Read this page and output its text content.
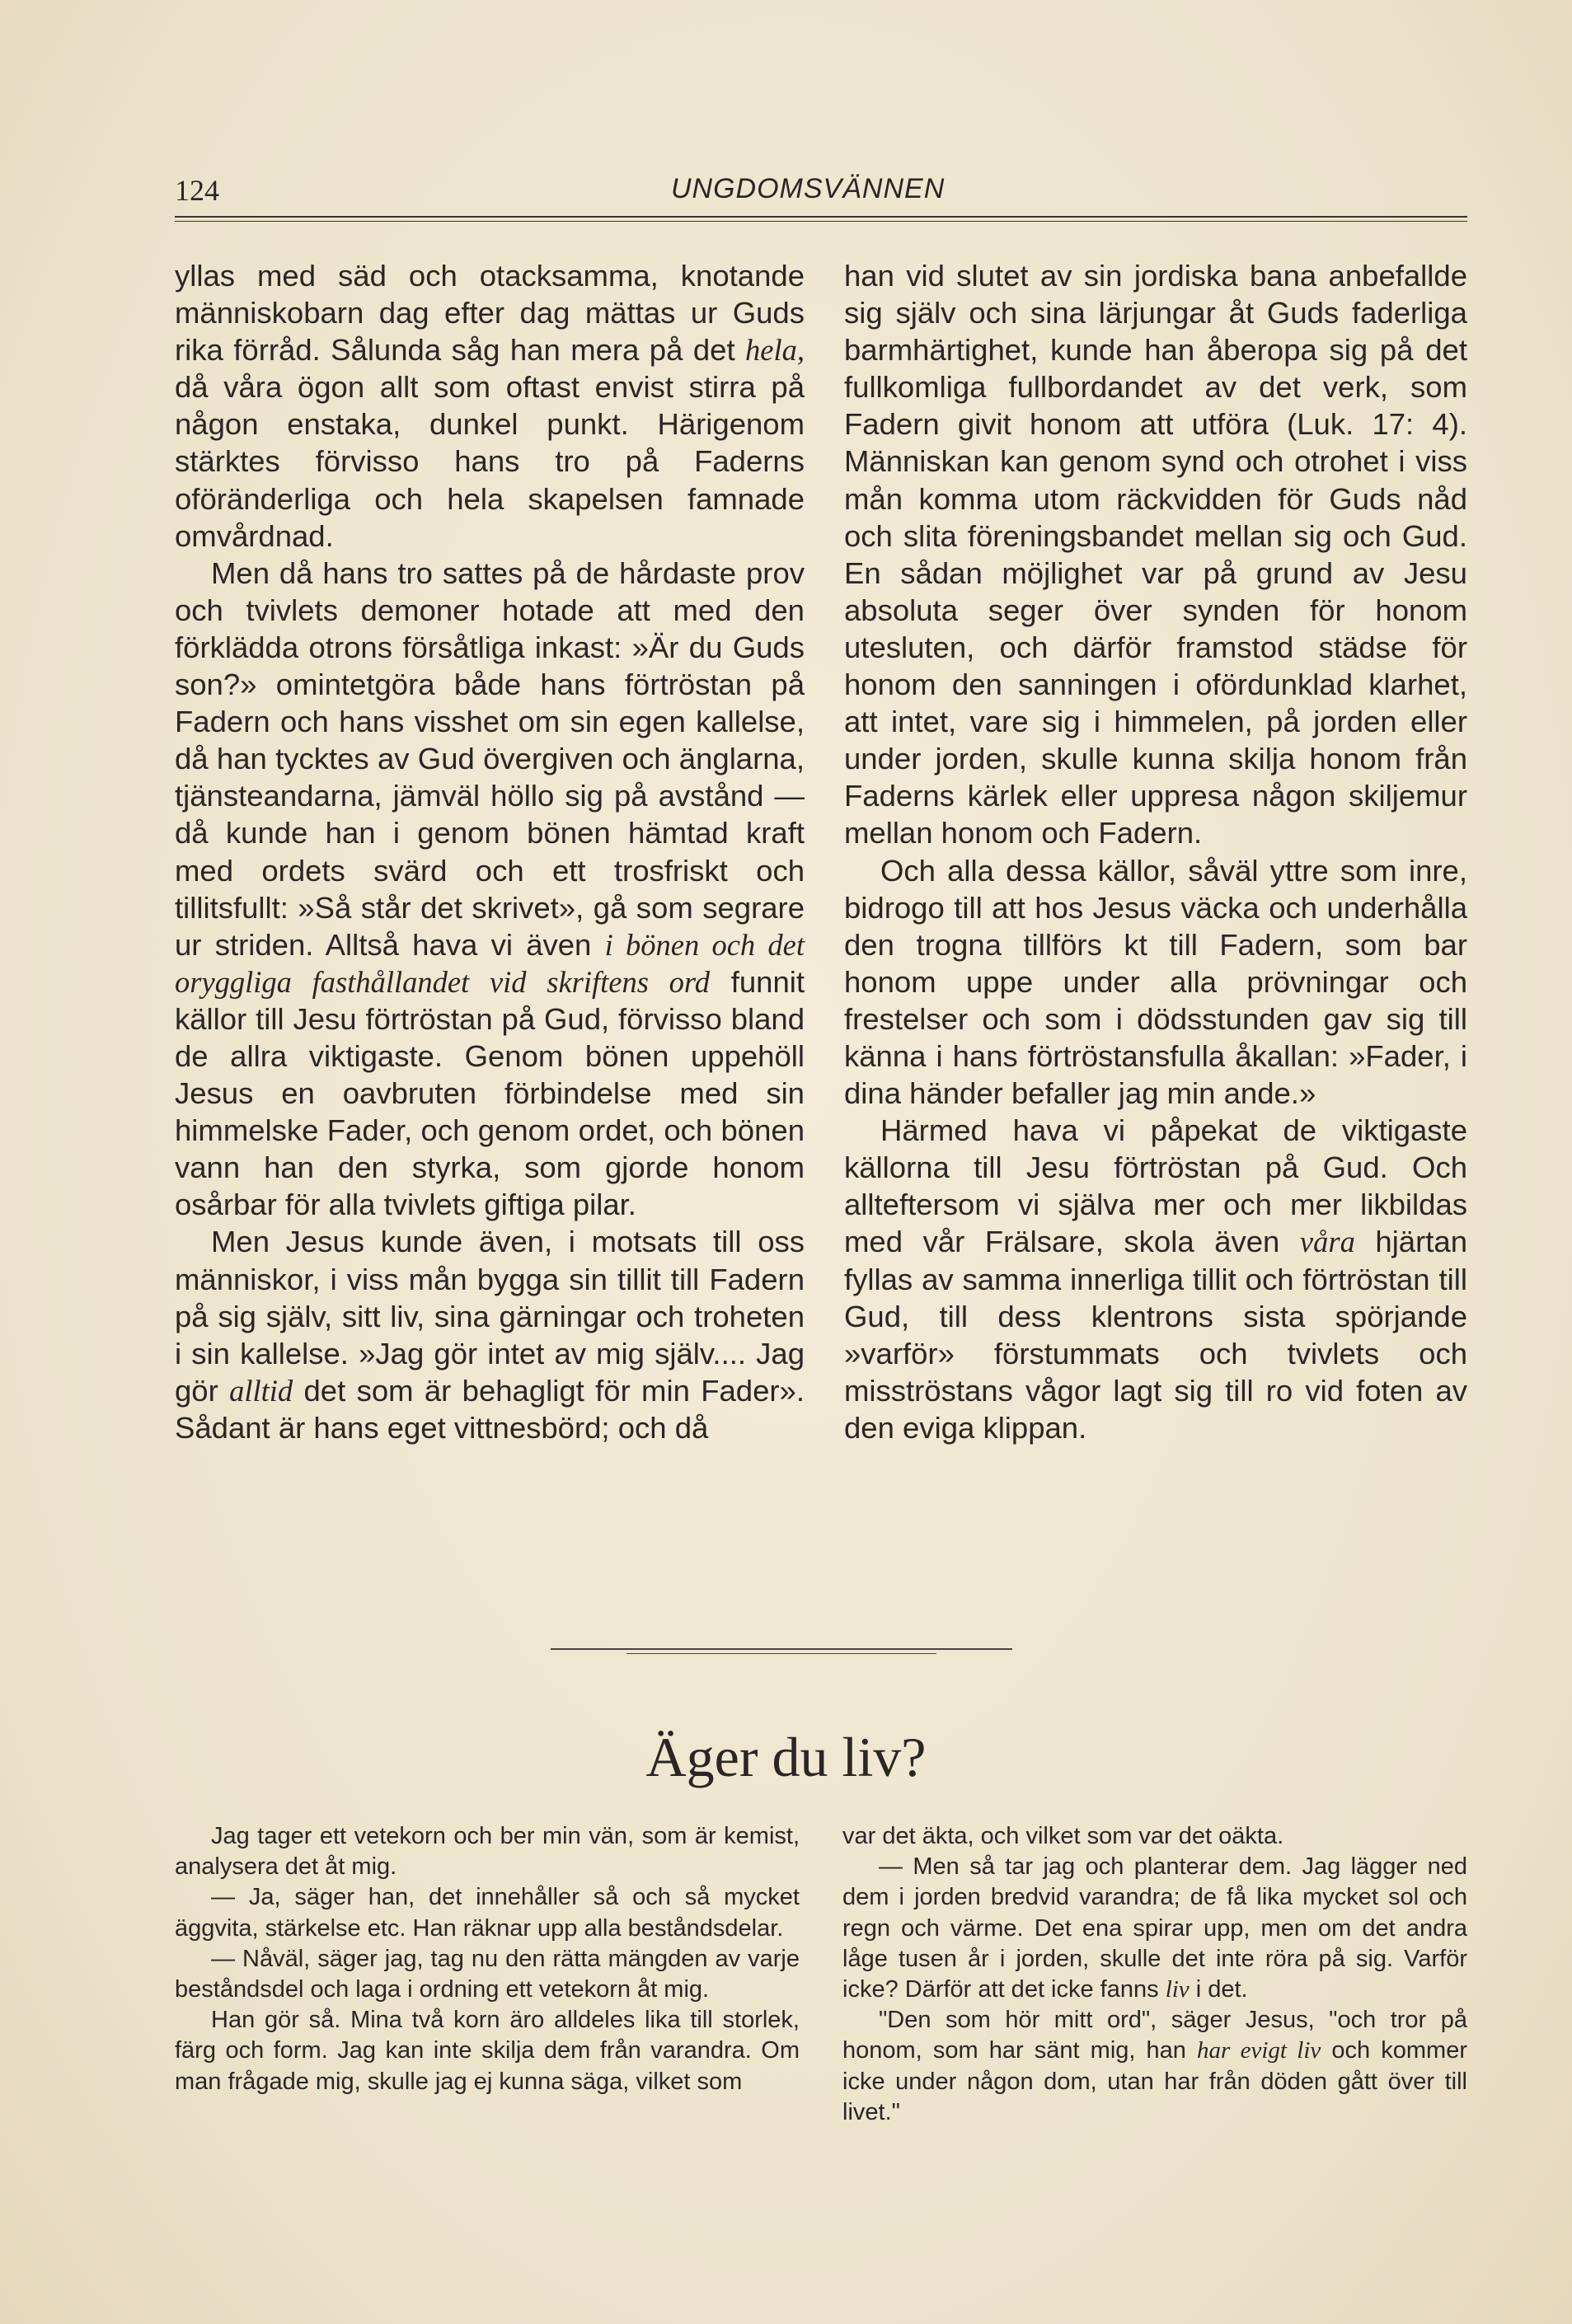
124	UNGDOMSVÄNNEN

yllas med säd och otacksamma, knotande människobarn dag efter dag mättas ur Guds rika förråd. Sålunda såg han mera på det hela, då våra ögon allt som oftast envist stirra på någon enstaka, dunkel punkt. Härigenom stärktes förvisso hans tro på Faderns oföränderliga och hela skapelsen famnade omvårdnad.

Men då hans tro sattes på de hårdaste prov och tvivlets demoner hotade att med den förklädda otrons försåtliga inkast: »Är du Guds son?» omintetgöra både hans förtröstan på Fadern och hans visshet om sin egen kallelse, då han tycktes av Gud övergiven och änglarna, tjänsteandarna, jämväl höllo sig på avstånd — då kunde han i genom bönen hämtad kraft med ordets svärd och ett trosfriskt och tillitsfullt: »Så står det skrivet», gå som segrare ur striden. Alltså hava vi även i bönen och det oryggliga fasthållandet vid skriftens ord funnit källor till Jesu förtröstan på Gud, förvisso bland de allra viktigaste. Genom bönen uppehöll Jesus en oavbruten förbindelse med sin himmelske Fader, och genom ordet, och bönen vann han den styrka, som gjorde honom osårbar för alla tvivlets giftiga pilar.

Men Jesus kunde även, i motsats till oss människor, i viss mån bygga sin tillit till Fadern på sig själv, sitt liv, sina gärningar och troheten i sin kallelse. »Jag gör intet av mig själv.... Jag gör alltid det som är behagligt för min Fader». Sådant är hans eget vittnesbörd; och då

han vid slutet av sin jordiska bana anbefallde sig själv och sina lärjungar åt Guds faderliga barmhärtighet, kunde han åberopa sig på det fullkomliga fullbordandet av det verk, som Fadern givit honom att utföra (Luk. 17: 4). Människan kan genom synd och otrohet i viss mån komma utom räckvidden för Guds nåd och slita föreningsbandet mellan sig och Gud. En sådan möjlighet var på grund av Jesu absoluta seger över synden för honom utesluten, och därför framstod städse för honom den sanningen i ofördunklad klarhet, att intet, vare sig i himmelen, på jorden eller under jorden, skulle kunna skilja honom från Faderns kärlek eller uppresa någon skiljemur mellan honom och Fadern.

Och alla dessa källor, såväl yttre som inre, bidrogo till att hos Jesus väcka och underhålla den trogna tillförs kt till Fadern, som bar honom uppe under alla prövningar och frestelser och som i dödsstunden gav sig till känna i hans förtröstansfulla åkallan: »Fader, i dina händer befaller jag min ande.»

Härmed hava vi påpekat de viktigaste källorna till Jesu förtröstan på Gud. Och allteftersom vi själva mer och mer likbildas med vår Frälsare, skola även våra hjärtan fyllas av samma innerliga tillit och förtröstan till Gud, till dess klentrons sista spörjande »varför» förstummats och tvivlets och misströstans vågor lagt sig till ro vid foten av den eviga klippan.

Äger du liv?

Jag tager ett vetekorn och ber min vän, som är kemist, analysera det åt mig.

— Ja, säger han, det innehåller så och så mycket äggvita, stärkelse etc. Han räknar upp alla beståndsdelar.

— Nåväl, säger jag, tag nu den rätta mängden av varje beståndsdel och laga i ordning ett vetekorn åt mig.

Han gör så. Mina två korn äro alldeles lika till storlek, färg och form. Jag kan inte skilja dem från varandra. Om man frågade mig, skulle jag ej kunna säga, vilket som

var det äkta, och vilket som var det oäkta.

— Men så tar jag och planterar dem. Jag lägger ned dem i jorden bredvid varandra; de få lika mycket sol och regn och värme. Det ena spirar upp, men om det andra låge tusen år i jorden, skulle det inte röra på sig. Varför icke? Därför att det icke fanns liv i det.

"Den som hör mitt ord", säger Jesus, "och tror på honom, som har sänt mig, han har evigt liv och kommer icke under någon dom, utan har från döden gått över till livet."
